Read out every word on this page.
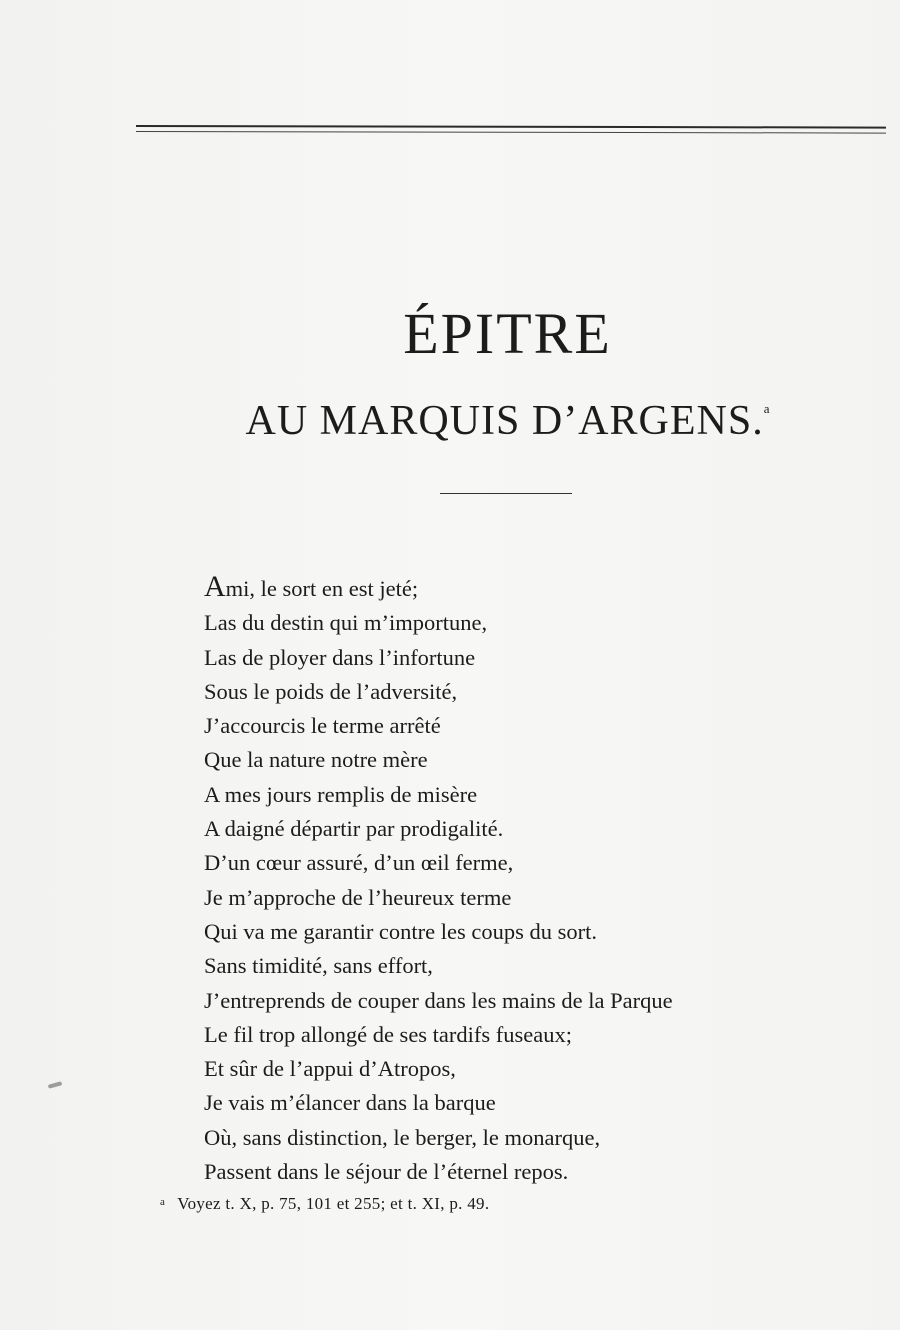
ÉPITRE
AU MARQUIS D’ARGENS.$^a$
Ami, le sort en est jeté;
Las du destin qui m’importune,
Las de ployer dans l’infortune
Sous le poids de l’adversité,
J’accourcis le terme arrêté
Que la nature notre mère
A mes jours remplis de misère
A daigné départir par prodigalité.
D’un cœur assuré, d’un œil ferme,
Je m’approche de l’heureux terme
Qui va me garantir contre les coups du sort.
Sans timidité, sans effort,
J’entreprends de couper dans les mains de la Parque
Le fil trop allongé de ses tardifs fuseaux;
Et sûr de l’appui d’Atropos,
Je vais m’élancer dans la barque
Où, sans distinction, le berger, le monarque,
Passent dans le séjour de l’éternel repos.
$^a$ Voyez t. X, p. 75, 101 et 255; et t. XI, p. 49.
